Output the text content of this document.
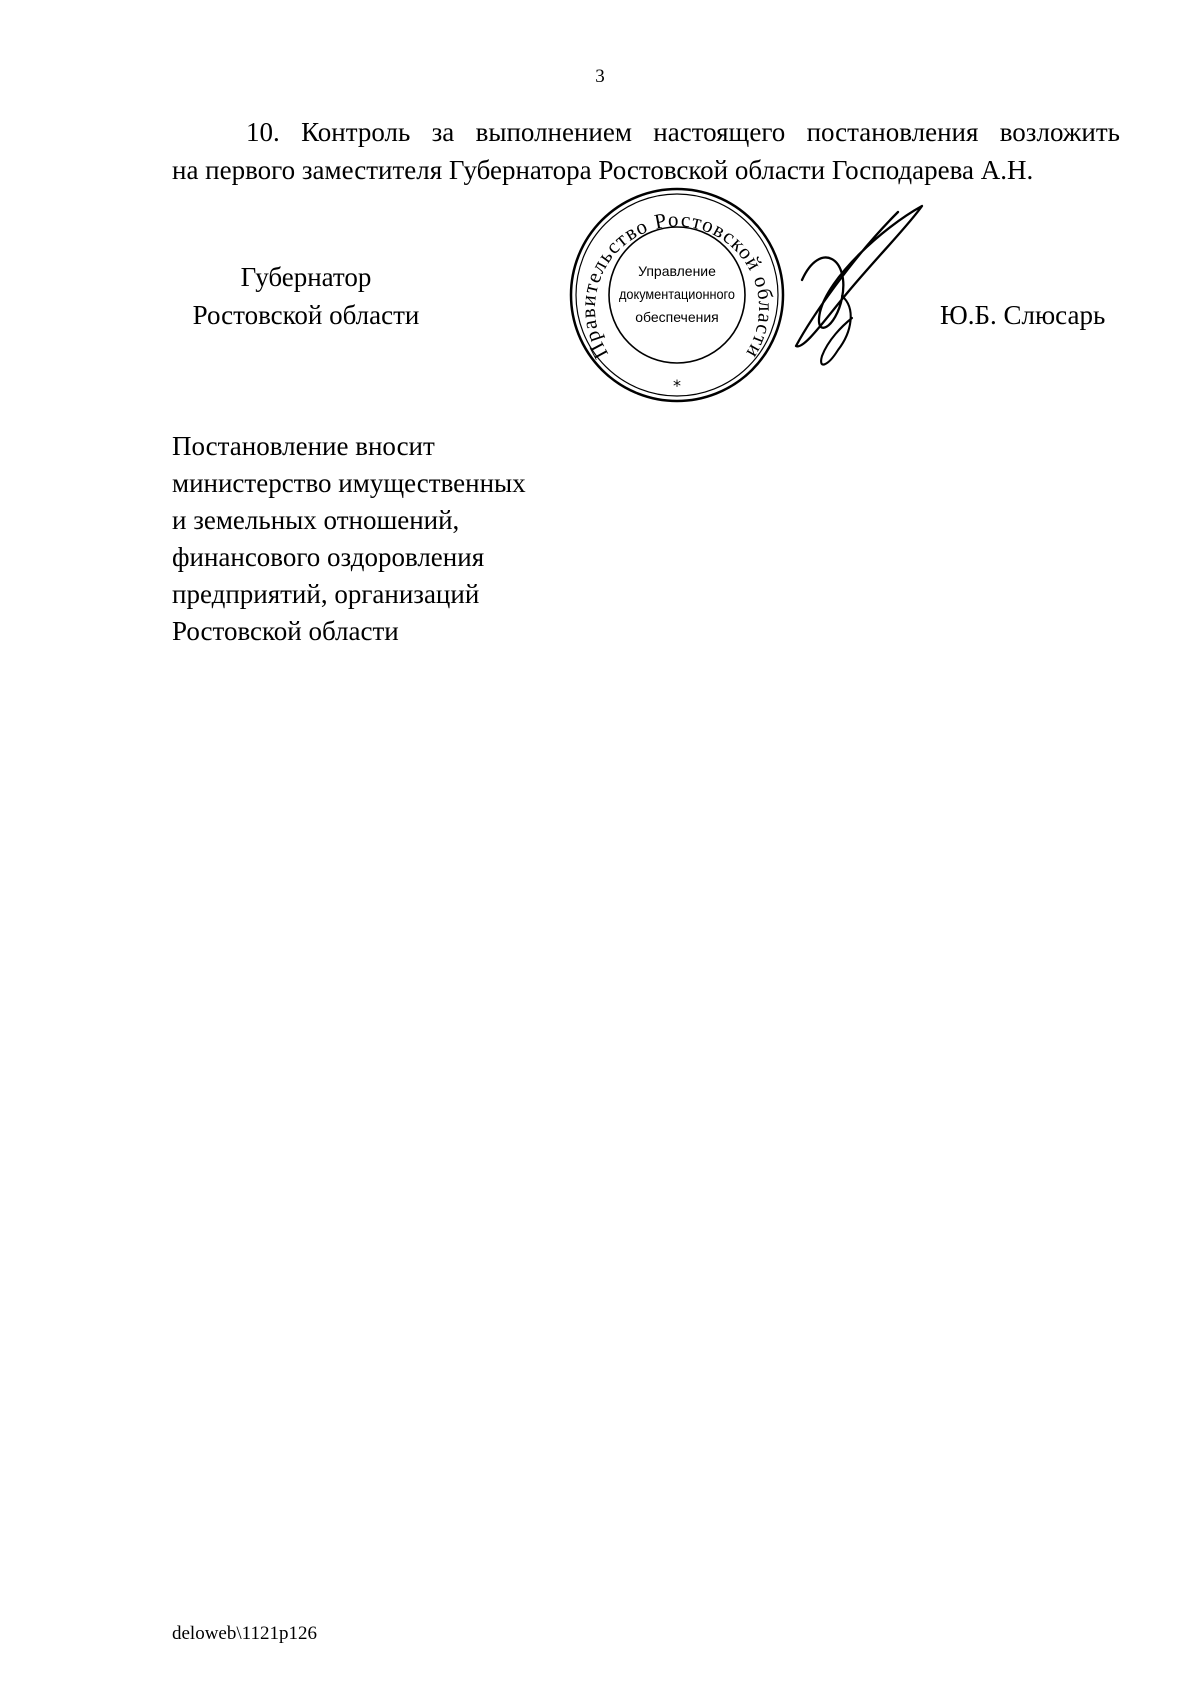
3
10. Контроль за выполнением настоящего постановления возложить
на первого заместителя Губернатора Ростовской области Господарева А.Н.
Губернатор
Ростовской области
Правительство Ростовской области
Управление
документационного
обеспечения
*
Ю.Б. Слюсарь
Постановление вносит
министерство имущественных
и земельных отношений,
финансового оздоровления
предприятий, организаций
Ростовской области
deloweb\1121p126
